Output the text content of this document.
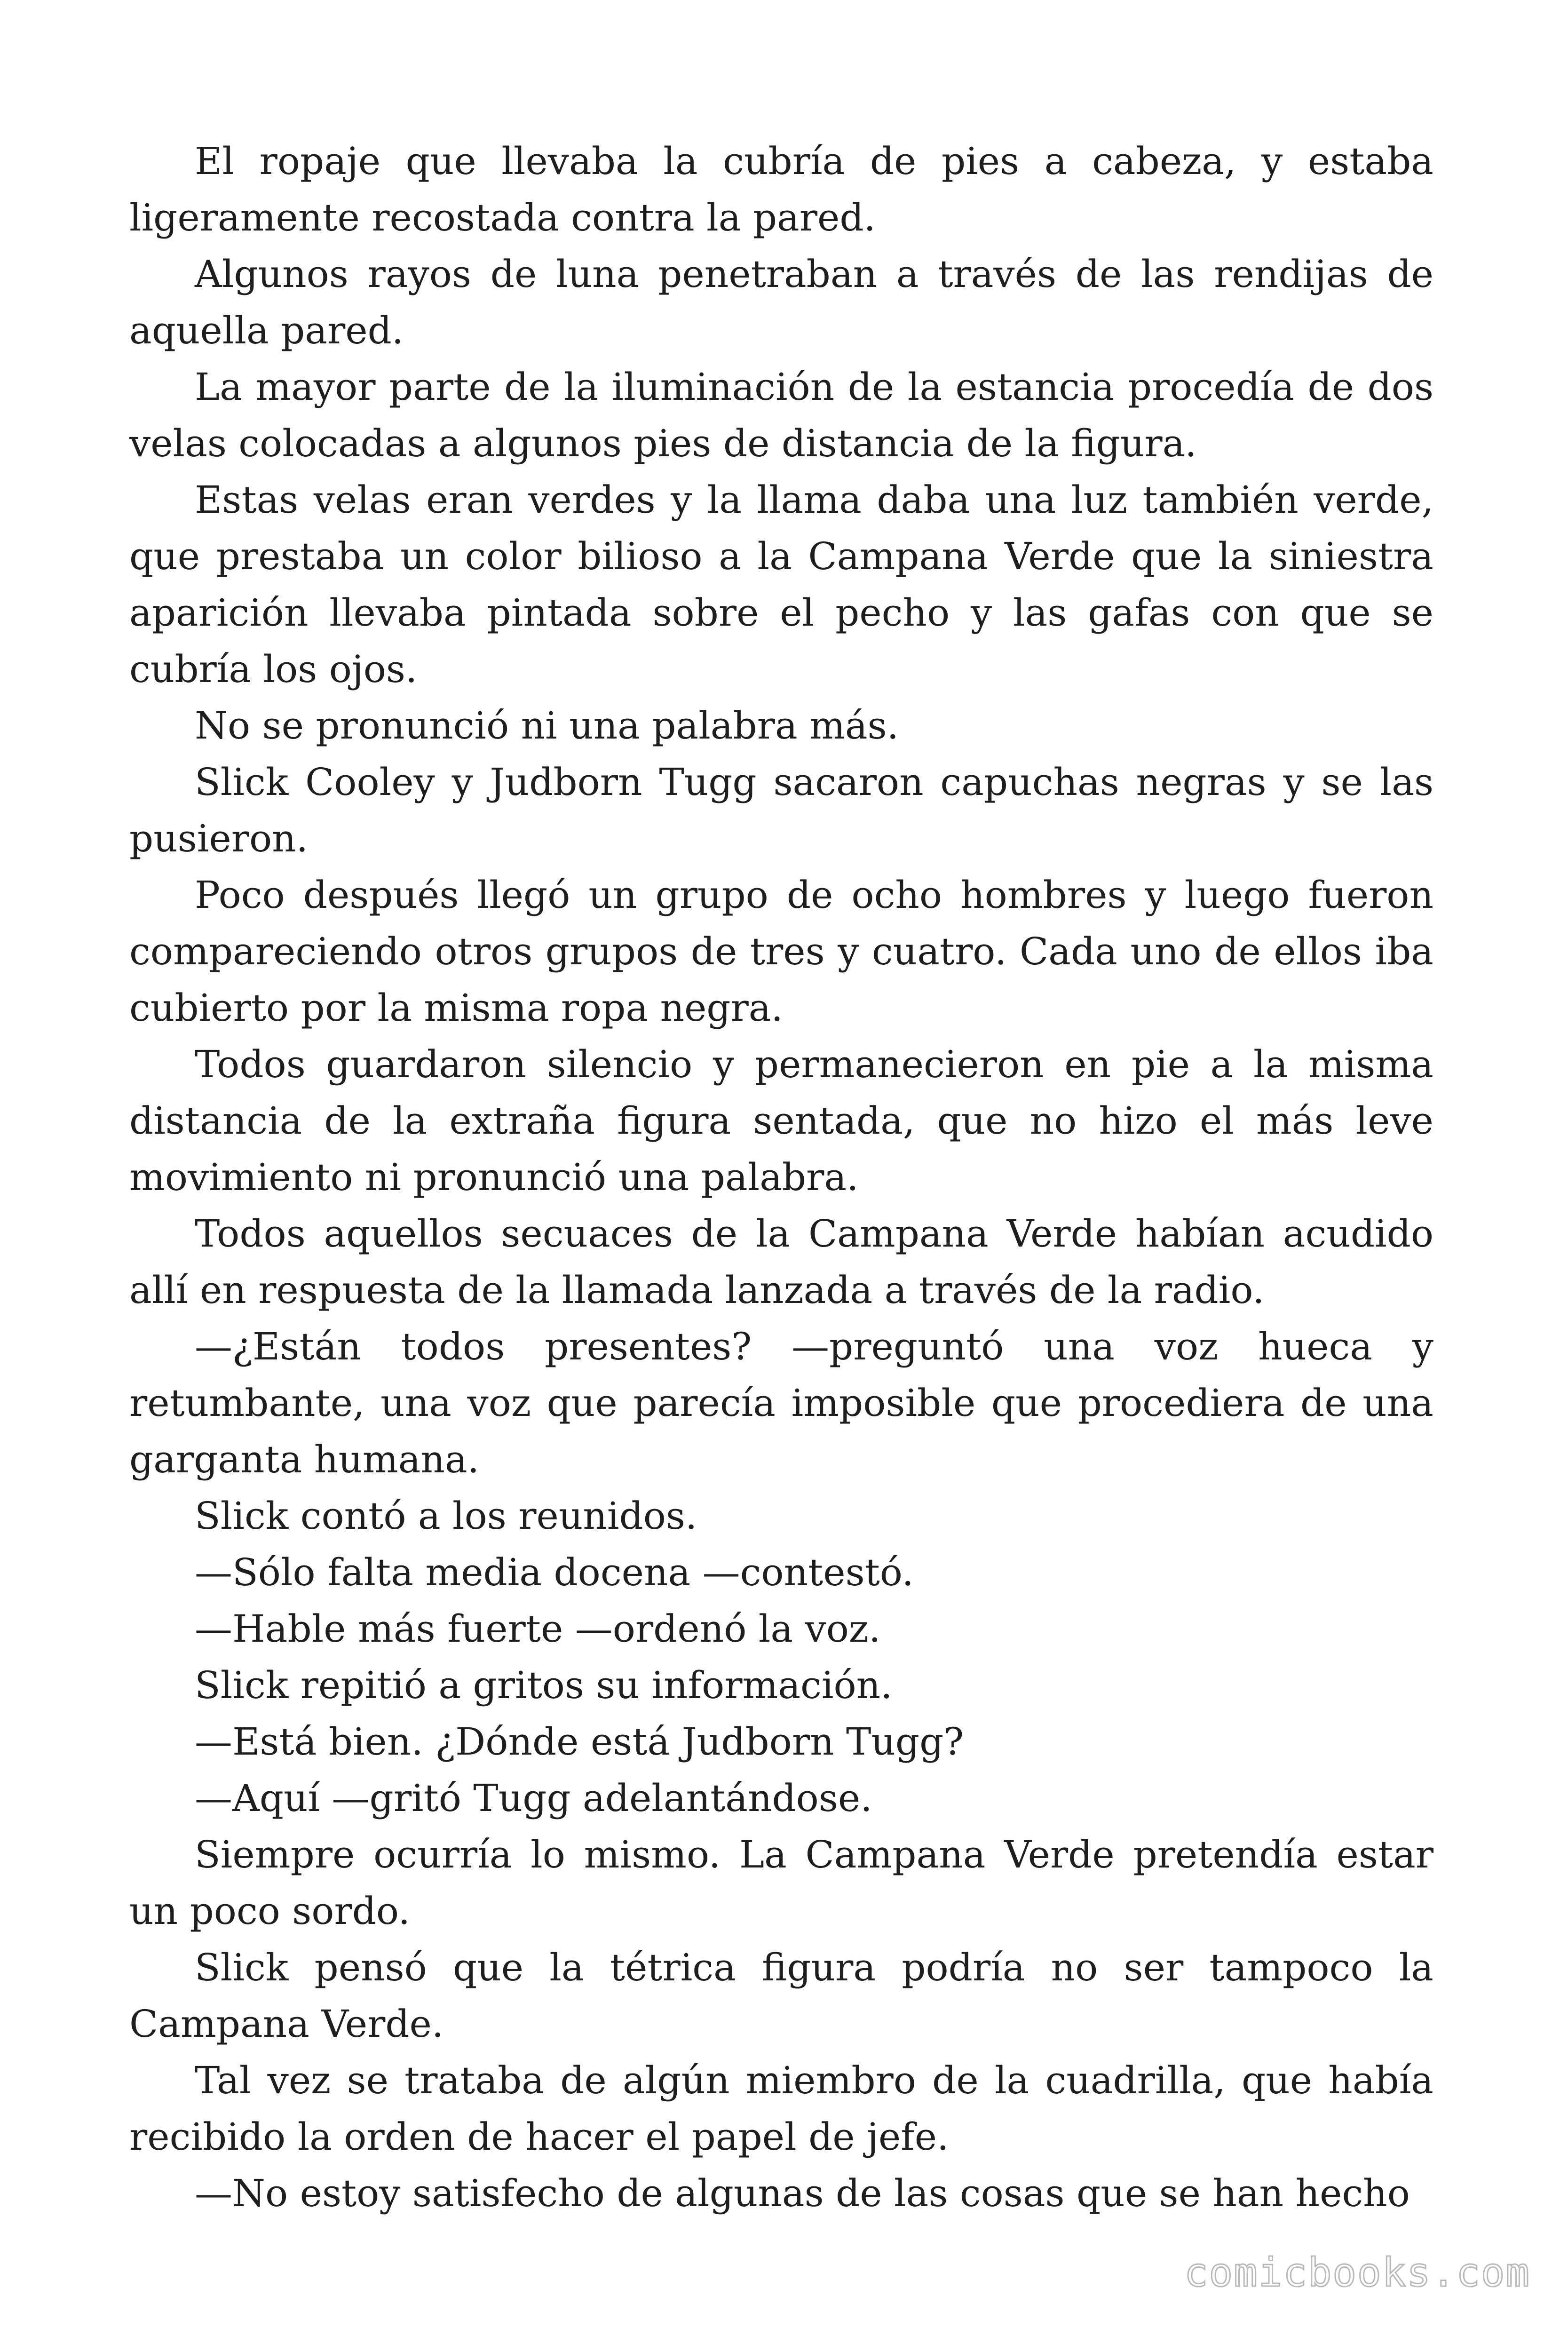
El ropaje que llevaba la cubría de pies a cabeza, y estaba ligeramente recostada contra la pared.

Algunos rayos de luna penetraban a través de las rendijas de aquella pared.

La mayor parte de la iluminación de la estancia procedía de dos velas colocadas a algunos pies de distancia de la figura.

Estas velas eran verdes y la llama daba una luz también verde, que prestaba un color bilioso a la Campana Verde que la siniestra aparición llevaba pintada sobre el pecho y las gafas con que se cubría los ojos.

No se pronunció ni una palabra más.

Slick Cooley y Judborn Tugg sacaron capuchas negras y se las pusieron.

Poco después llegó un grupo de ocho hombres y luego fueron compareciendo otros grupos de tres y cuatro. Cada uno de ellos iba cubierto por la misma ropa negra.

Todos guardaron silencio y permanecieron en pie a la misma distancia de la extraña figura sentada, que no hizo el más leve movimiento ni pronunció una palabra.

Todos aquellos secuaces de la Campana Verde habían acudido allí en respuesta de la llamada lanzada a través de la radio.

—¿Están todos presentes? —preguntó una voz hueca y retumbante, una voz que parecía imposible que procediera de una garganta humana.

Slick contó a los reunidos.

—Sólo falta media docena —contestó.

—Hable más fuerte —ordenó la voz.

Slick repitió a gritos su información.

—Está bien. ¿Dónde está Judborn Tugg?

—Aquí —gritó Tugg adelantándose.

Siempre ocurría lo mismo. La Campana Verde pretendía estar un poco sordo.

Slick pensó que la tétrica figura podría no ser tampoco la Campana Verde.

Tal vez se trataba de algún miembro de la cuadrilla, que había recibido la orden de hacer el papel de jefe.

—No estoy satisfecho de algunas de las cosas que se han hecho

comicbooks.com
